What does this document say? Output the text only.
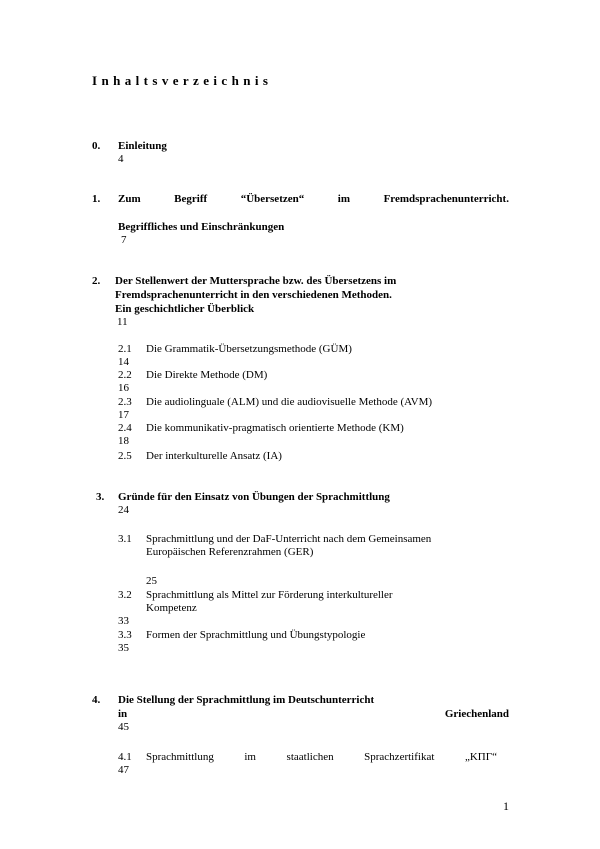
Inhaltsverzeichnis
0. Einleitung
4
1. Zum	Begriff	“Übersetzen“	im	Fremdsprachenunterricht.
Begriffliches und Einschränkungen
7
2. Der Stellenwert der Muttersprache bzw. des Übersetzens im
Fremdsprachenunterricht in den verschiedenen Methoden.
Ein geschichtlicher Überblick
11
2.1 Die Grammatik-Übersetzungsmethode (GÜM)
14
2.2 Die Direkte Methode (DM)
16
2.3 Die audiolinguale (ALM) und die audiovisuelle Methode (AVM)
17
2.4 Die kommunikativ-pragmatisch orientierte Methode (KM)
18
2.5 Der interkulturelle Ansatz (IA)
3. Gründe für den Einsatz von Übungen der Sprachmittlung
24
3.1 Sprachmittlung und der DaF-Unterricht nach dem Gemeinsamen
Europäischen Referenzrahmen (GER)
25
3.2 Sprachmittlung als Mittel zur Förderung interkultureller
Kompetenz
33
3.3 Formen der Sprachmittlung und Übungstypologie
35
4. Die Stellung der Sprachmittlung im Deutschunterricht
in	Griechenland
45
4.1 Sprachmittlung	im	staatlichen	Sprachzertifikat	„ΚΠΓ“
47
1
